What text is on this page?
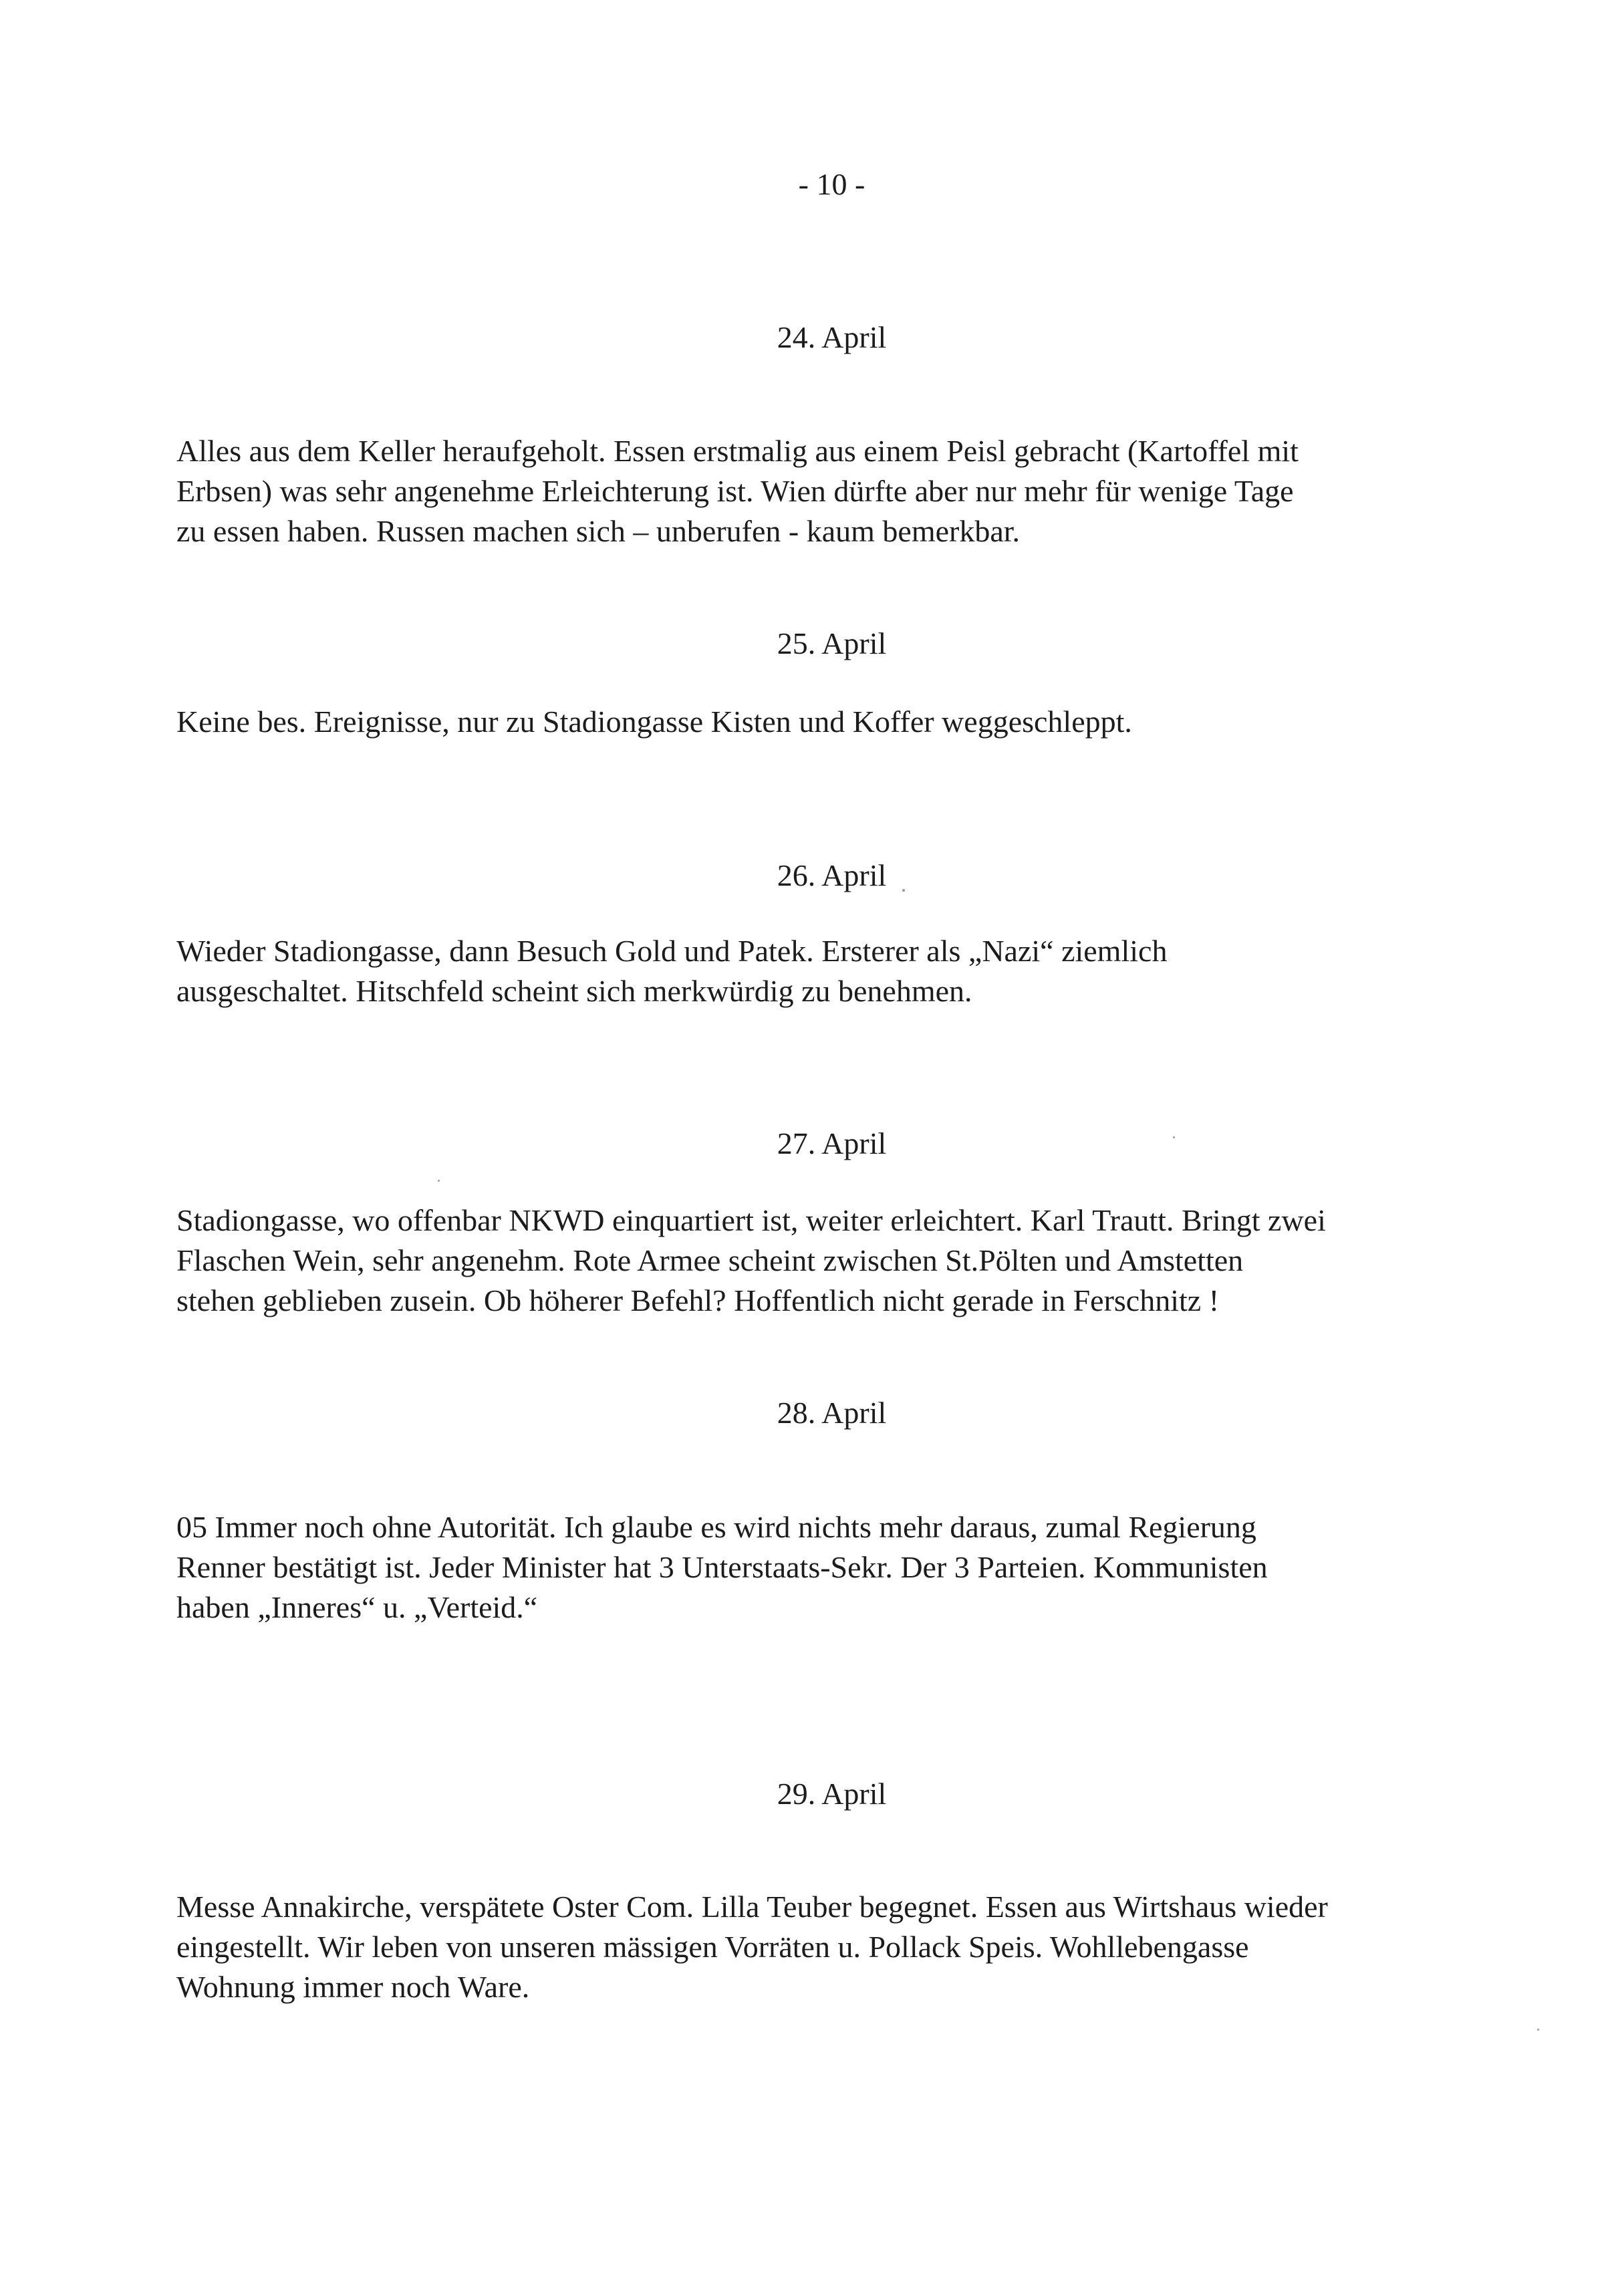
- 10 -
24. April
Alles aus dem Keller heraufgeholt. Essen erstmalig aus einem Peisl gebracht (Kartoffel mit
Erbsen) was sehr angenehme Erleichterung ist. Wien dürfte aber nur mehr für wenige Tage
zu essen haben. Russen machen sich – unberufen - kaum bemerkbar.
25. April
Keine bes. Ereignisse, nur zu Stadiongasse Kisten und Koffer weggeschleppt.
26. April
Wieder Stadiongasse, dann Besuch Gold und Patek. Ersterer als „Nazi“ ziemlich
ausgeschaltet. Hitschfeld scheint sich merkwürdig zu benehmen.
27. April
Stadiongasse, wo offenbar NKWD einquartiert ist, weiter erleichtert. Karl Trautt. Bringt zwei
Flaschen Wein, sehr angenehm. Rote Armee scheint zwischen St.Pölten und Amstetten
stehen geblieben zusein. Ob höherer Befehl? Hoffentlich nicht gerade in Ferschnitz !
28. April
05 Immer noch ohne Autorität. Ich glaube es wird nichts mehr daraus, zumal Regierung
Renner bestätigt ist. Jeder Minister hat 3 Unterstaats-Sekr. Der 3 Parteien. Kommunisten
haben „Inneres“ u. „Verteid.“
29. April
Messe Annakirche, verspätete Oster Com. Lilla Teuber begegnet. Essen aus Wirtshaus wieder
eingestellt. Wir leben von unseren mässigen Vorräten u. Pollack Speis. Wohllebengasse
Wohnung immer noch Ware.
